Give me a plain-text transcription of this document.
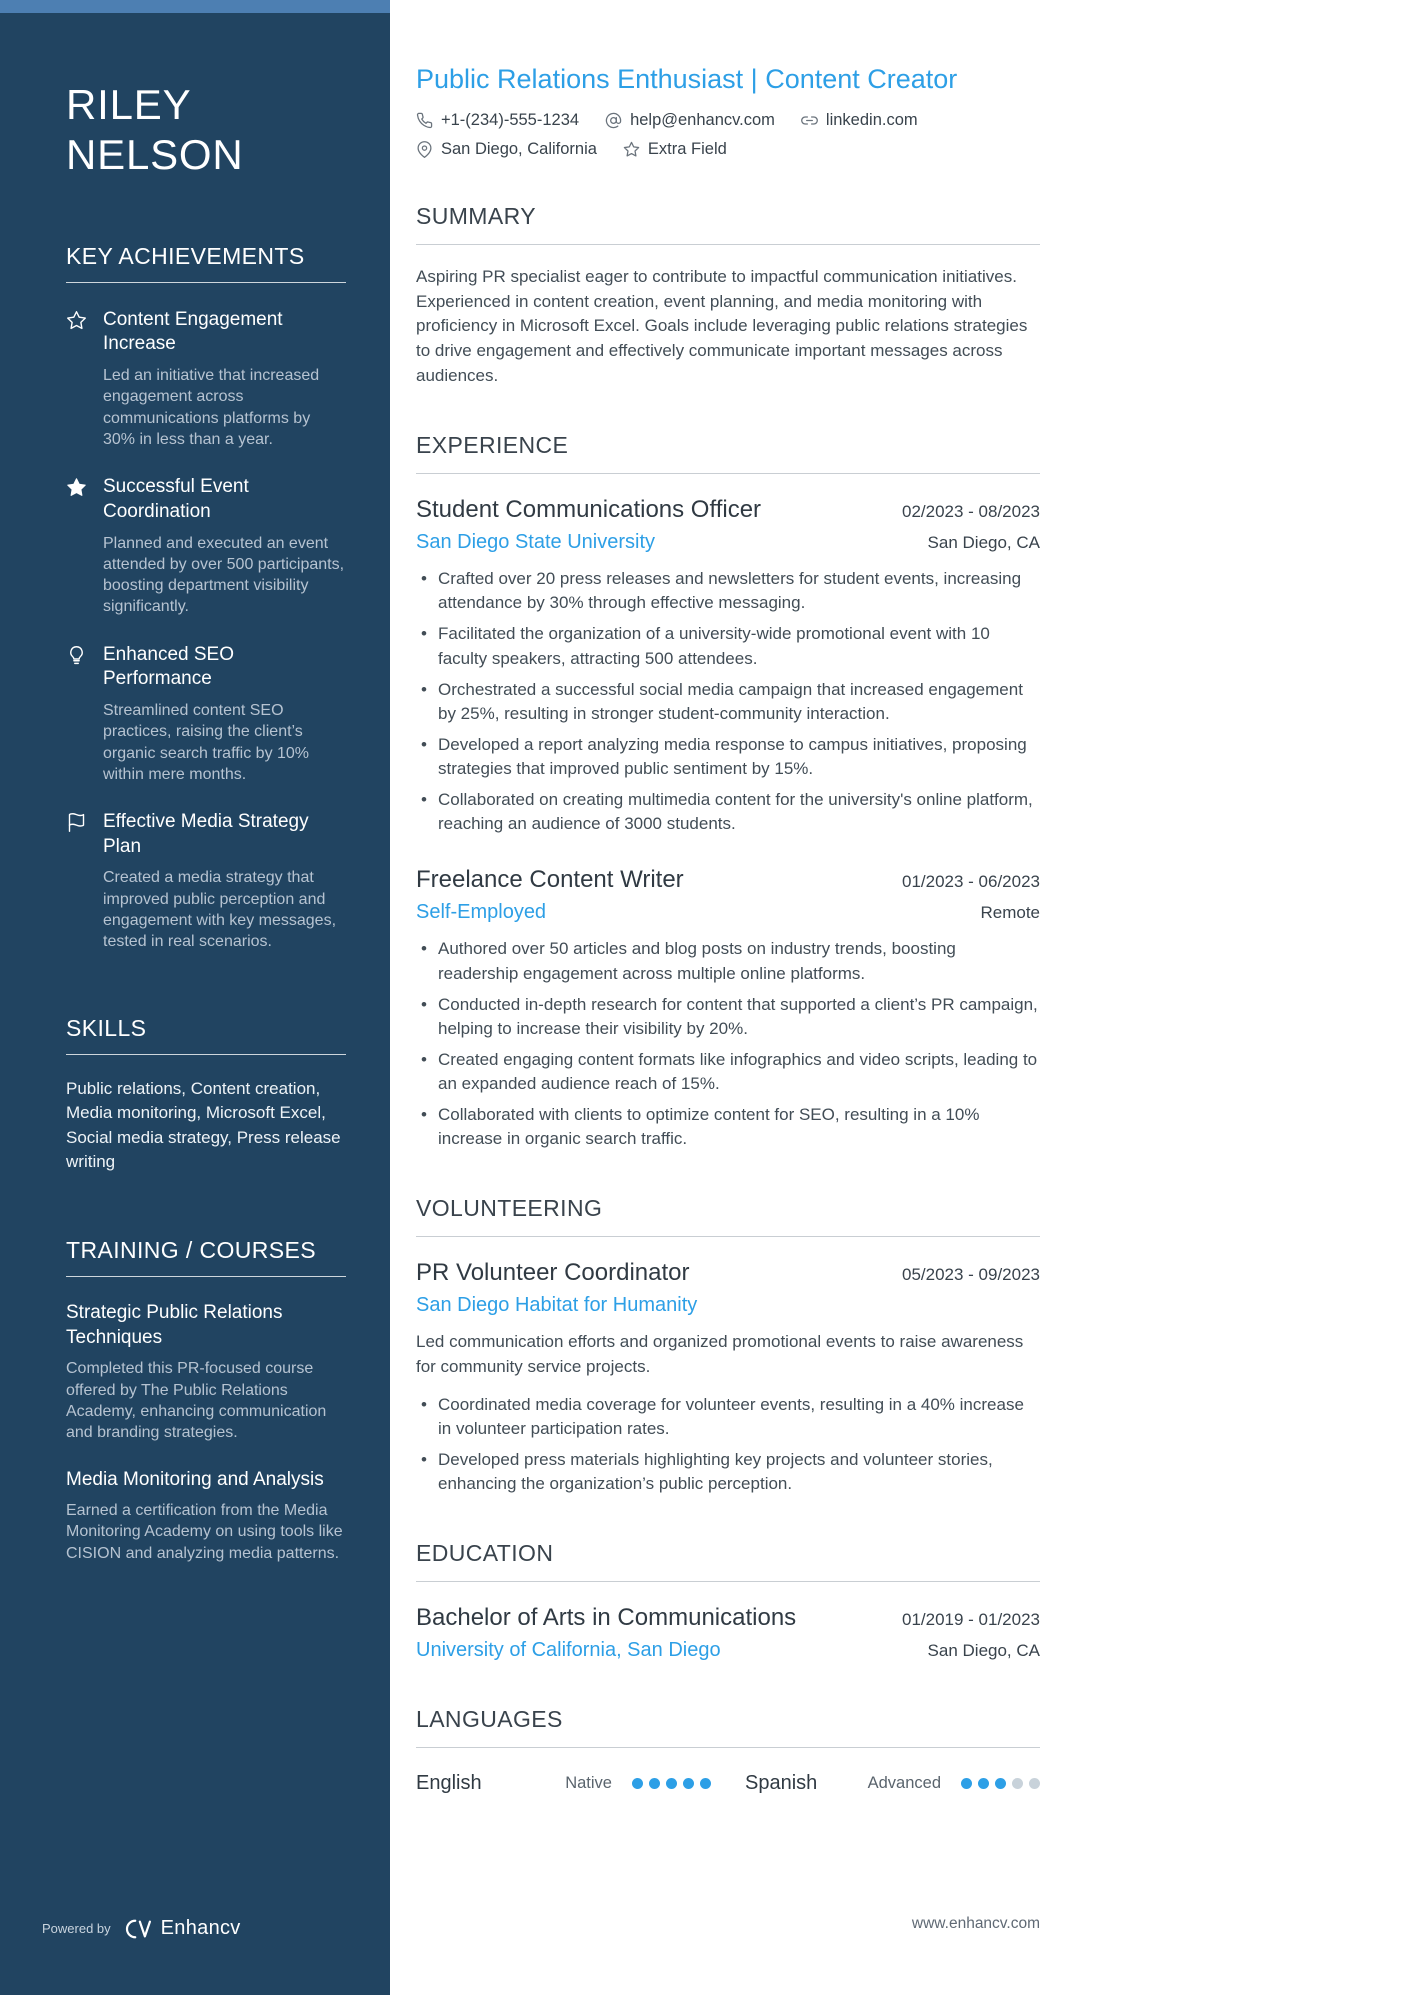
RILEY NELSON
KEY ACHIEVEMENTS
Content Engagement Increase
Led an initiative that increased engagement across communications platforms by 30% in less than a year.
Successful Event Coordination
Planned and executed an event attended by over 500 participants, boosting department visibility significantly.
Enhanced SEO Performance
Streamlined content SEO practices, raising the client’s organic search traffic by 10% within mere months.
Effective Media Strategy Plan
Created a media strategy that improved public perception and engagement with key messages, tested in real scenarios.
SKILLS

Public relations, Content creation, Media monitoring, Microsoft Excel, Social media strategy, Press release writing

TRAINING / COURSES
Strategic Public Relations Techniques
Completed this PR-focused course offered by The Public Relations Academy, enhancing communication and branding strategies.
Media Monitoring and Analysis
Earned a certification from the Media Monitoring Academy on using tools like CISION and analyzing media patterns.
Powered by	Enhancv
Public Relations Enthusiast | Content Creator
+1-(234)-555-1234	help@enhancv.com	linkedin.com
San Diego, California	Extra Field
SUMMARY

Aspiring PR specialist eager to contribute to impactful communication initiatives. Experienced in content creation, event planning, and media monitoring with proficiency in Microsoft Excel. Goals include leveraging public relations strategies to drive engagement and effectively communicate important messages across audiences.

EXPERIENCE
Student Communications Officer	02/2023 - 08/2023
San Diego State University	San Diego, CA
• Crafted over 20 press releases and newsletters for student events, increasing attendance by 30% through effective messaging.
• Facilitated the organization of a university-wide promotional event with 10 faculty speakers, attracting 500 attendees.
• Orchestrated a successful social media campaign that increased engagement by 25%, resulting in stronger student-community interaction.
• Developed a report analyzing media response to campus initiatives, proposing strategies that improved public sentiment by 15%.
• Collaborated on creating multimedia content for the university's online platform, reaching an audience of 3000 students.
Freelance Content Writer	01/2023 - 06/2023
Self-Employed	Remote
• Authored over 50 articles and blog posts on industry trends, boosting readership engagement across multiple online platforms.
• Conducted in-depth research for content that supported a client’s PR campaign, helping to increase their visibility by 20%.
• Created engaging content formats like infographics and video scripts, leading to an expanded audience reach of 15%.
• Collaborated with clients to optimize content for SEO, resulting in a 10% increase in organic search traffic.
VOLUNTEERING
PR Volunteer Coordinator	05/2023 - 09/2023
San Diego Habitat for Humanity

Led communication efforts and organized promotional events to raise awareness for community service projects.

• Coordinated media coverage for volunteer events, resulting in a 40% increase in volunteer participation rates.
• Developed press materials highlighting key projects and volunteer stories, enhancing the organization’s public perception.
EDUCATION
Bachelor of Arts in Communications	01/2019 - 01/2023
University of California, San Diego	San Diego, CA
LANGUAGES
English	Native	Spanish	Advanced
www.enhancv.com
